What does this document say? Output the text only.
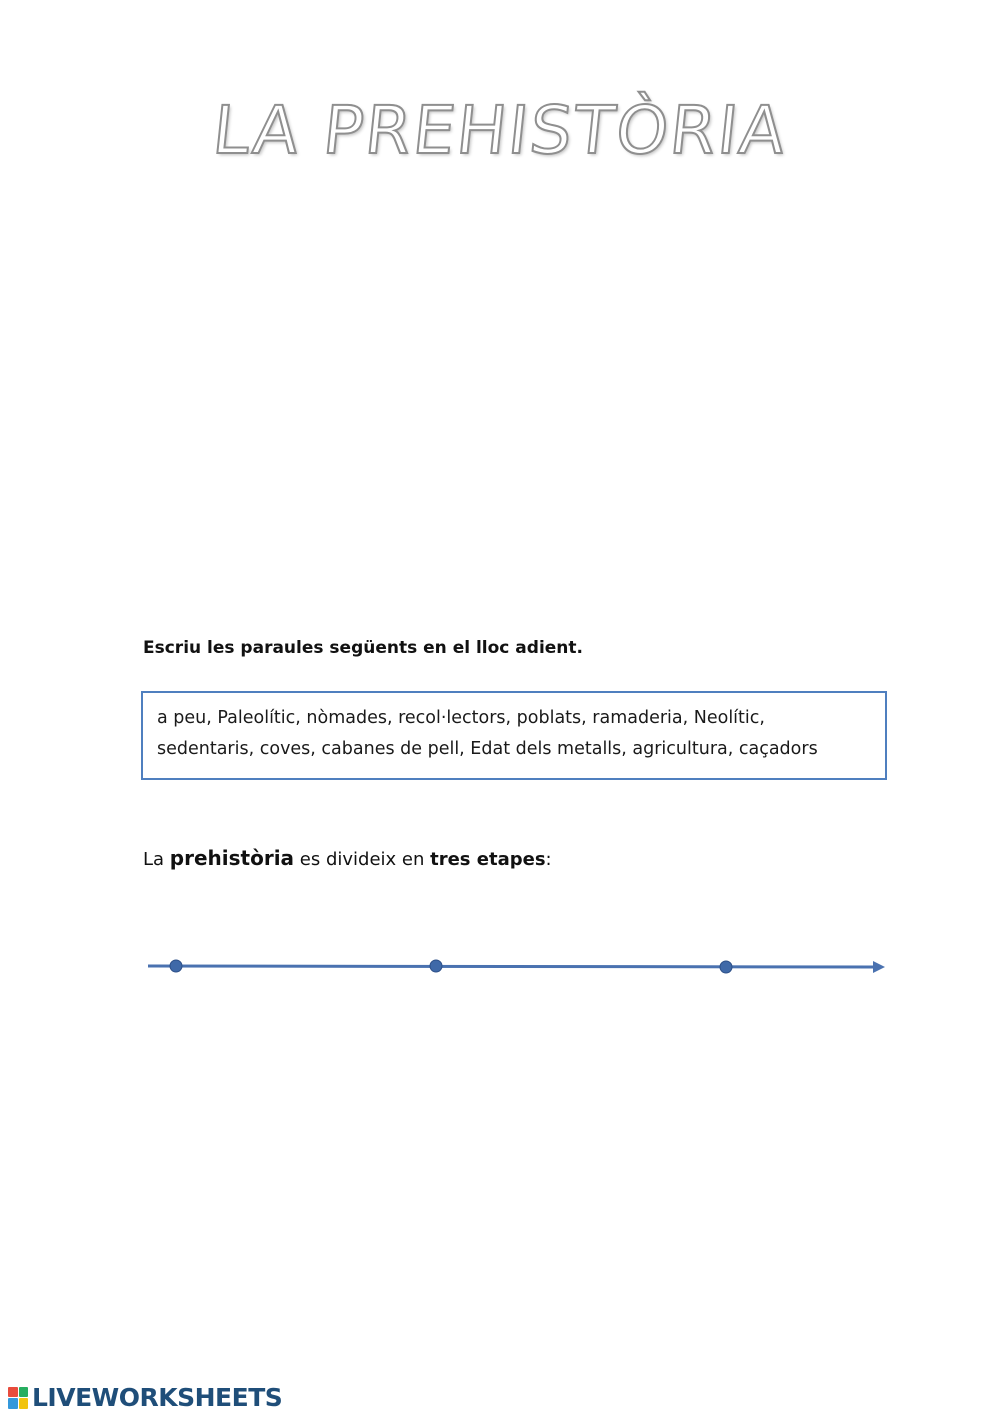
LA PREHISTÒRIA
Escriu les paraules següents en el lloc adient.
a peu, Paleolític, nòmades, recol·lectors, poblats, ramaderia, Neolític,
sedentaris, coves, cabanes de pell, Edat dels metalls, agricultura, caçadors
La prehistòria es divideix en tres etapes:
LIVEWORKSHEETS
